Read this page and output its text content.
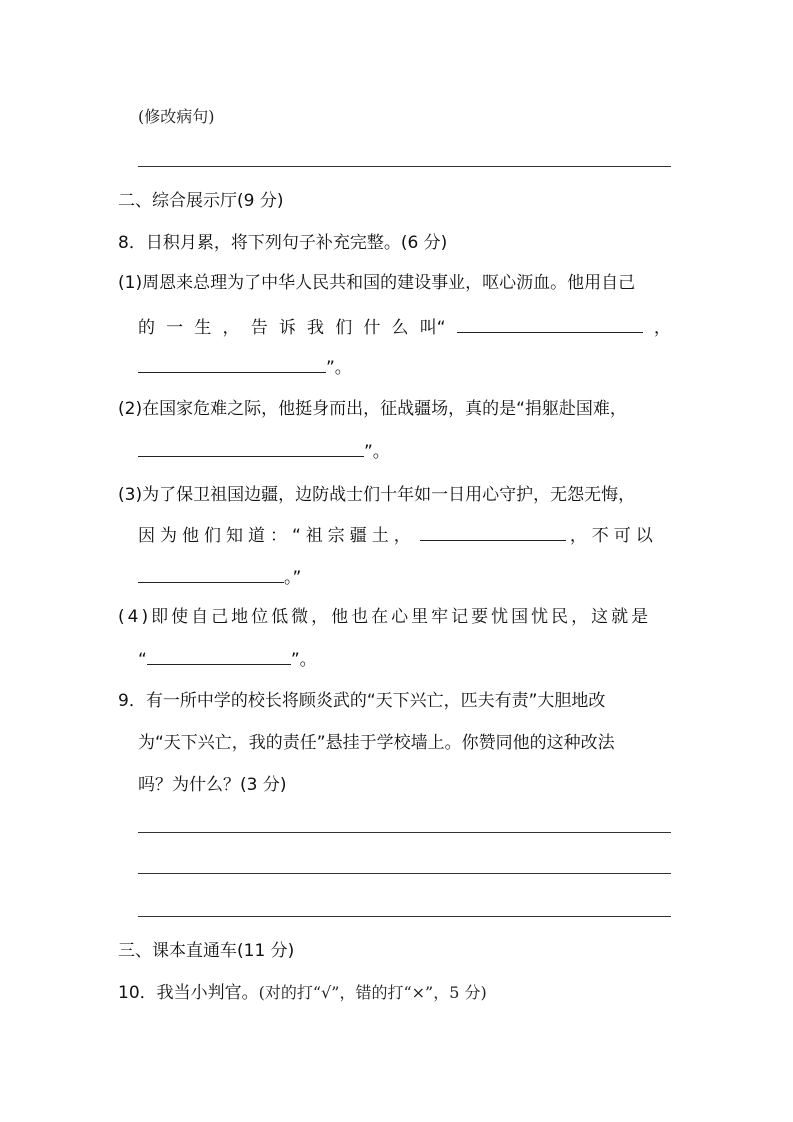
(修改病句)
二、综合展示厅(9 分)
8．日积月累，将下列句子补充完整。(6 分)
(1)周恩来总理为了中华人民共和国的建设事业，呕心沥血。他用自己
的 一 生 ， 告 诉 我 们 什 么 叫“	，
”。
(2)在国家危难之际，他挺身而出，征战疆场，真的是“捐躯赴国难，
”。
(3)为了保卫祖国边疆，边防战士们十年如一日用心守护，无怨无悔，
因为他们知道：“祖宗疆土，	，不可以
。”
(4)即使自己地位低微，他也在心里牢记要忧国忧民，这就是
“	”。
9．有一所中学的校长将顾炎武的“天下兴亡，匹夫有责”大胆地改
为“天下兴亡，我的责任”悬挂于学校墙上。你赞同他的这种改法
吗？为什么？(3 分)
三、课本直通车(11 分)
10．我当小判官。(对的打“√”，错的打“×”，5 分)
